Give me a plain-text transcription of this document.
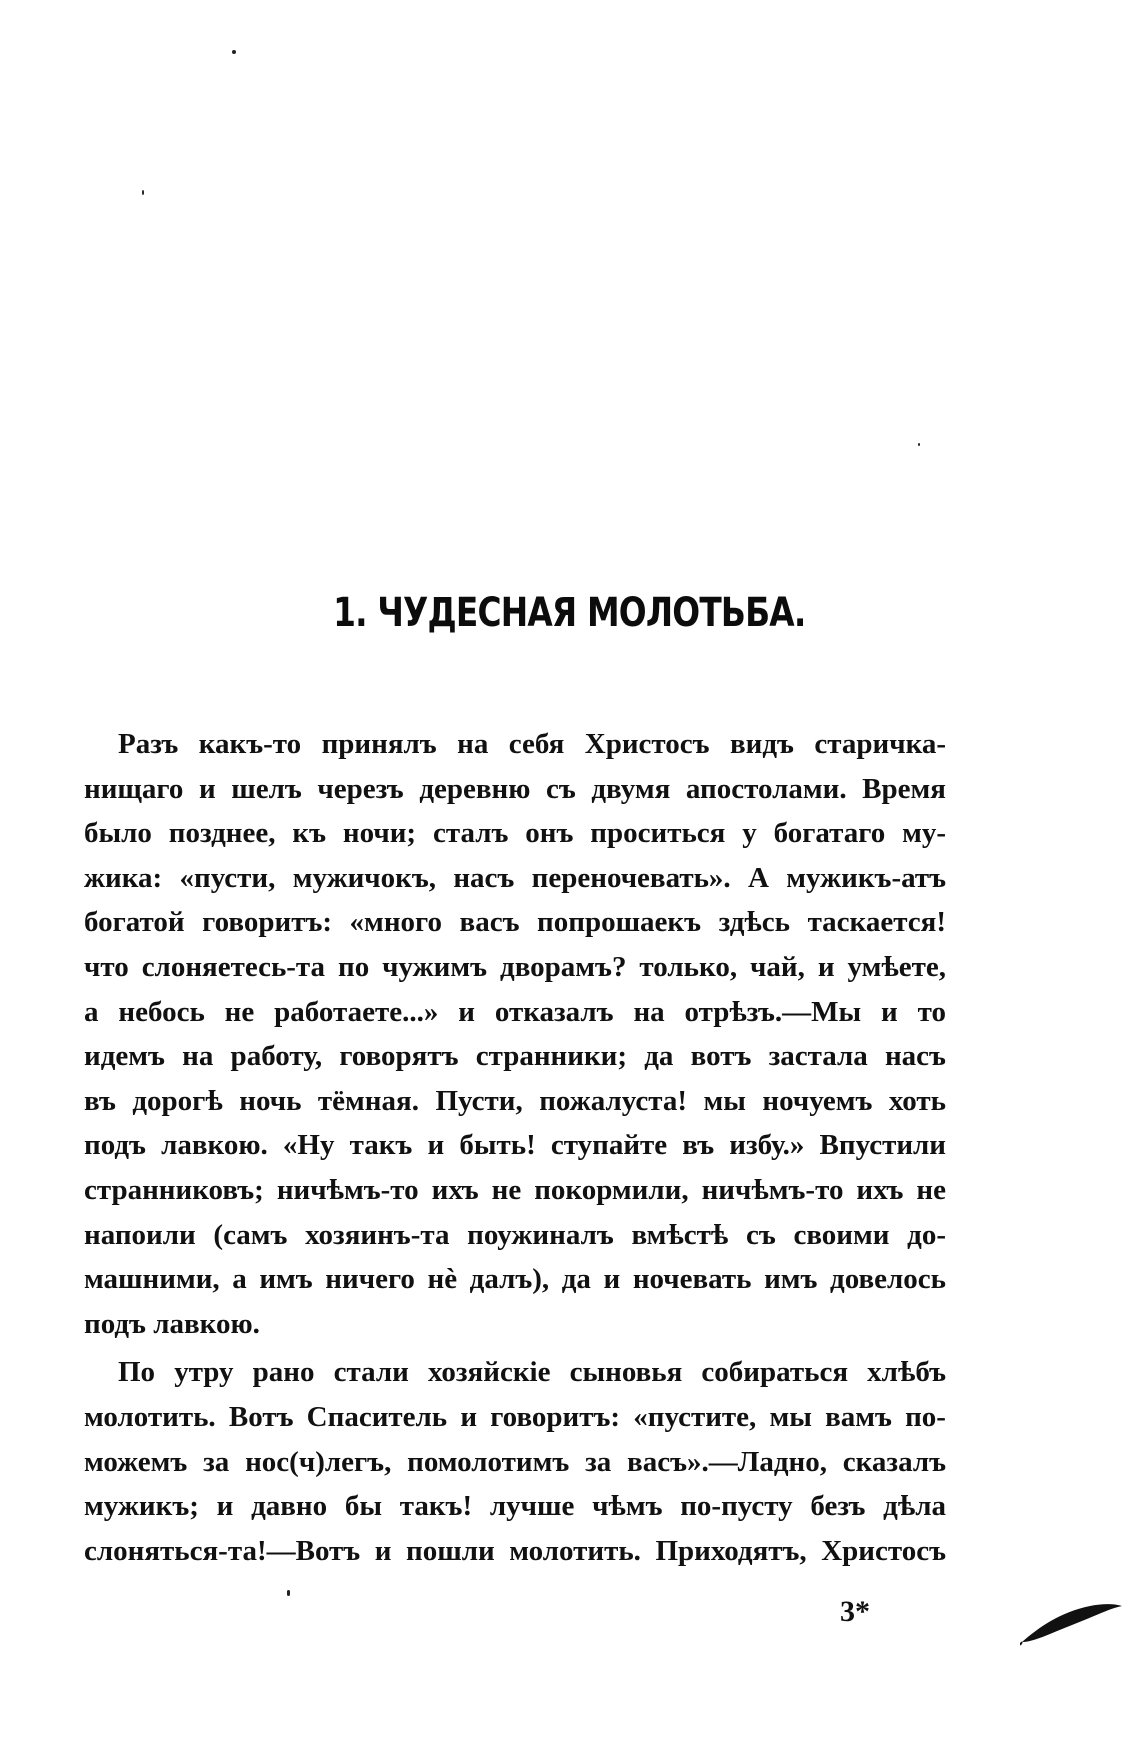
1. ЧУДЕСНАЯ МОЛОТЬБА.
Разъ какъ-то принялъ на себя Христосъ видъ старичка-
нищаго и шелъ черезъ деревню съ двумя апостолами. Время
было позднее, къ ночи; сталъ онъ проситься у богатаго му-
жика: «пусти, мужичокъ, насъ переночевать». А мужикъ-атъ
богатой говоритъ: «много васъ попрошаекъ здѣсь таскается!
что слоняетесь-та по чужимъ дворамъ? только, чай, и умѣете,
а небось не работаете...» и отказалъ на отрѣзъ.—Мы и то
идемъ на работу, говорятъ странники; да вотъ застала насъ
въ дорогѣ ночь тёмная. Пусти, пожалуста! мы ночуемъ хоть
подъ лавкою. «Ну такъ и быть! ступайте въ избу.» Впустили
странниковъ; ничѣмъ-то ихъ не покормили, ничѣмъ-то ихъ не
напоили (самъ хозяинъ-та поужиналъ вмѣстѣ съ своими до-
машними, а имъ ничего нѐ далъ), да и ночевать имъ довелось
подъ лавкою.
По утру рано стали хозяйскіе сыновья собираться хлѣбъ
молотить. Вотъ Спаситель и говоритъ: «пустите, мы вамъ по-
можемъ за нос(ч)легъ, помолотимъ за васъ».—Ладно, сказалъ
мужикъ; и давно бы такъ! лучше чѣмъ по-пусту безъ дѣла
слоняться-та!—Вотъ и пошли молотить. Приходятъ, Христосъ
3*
